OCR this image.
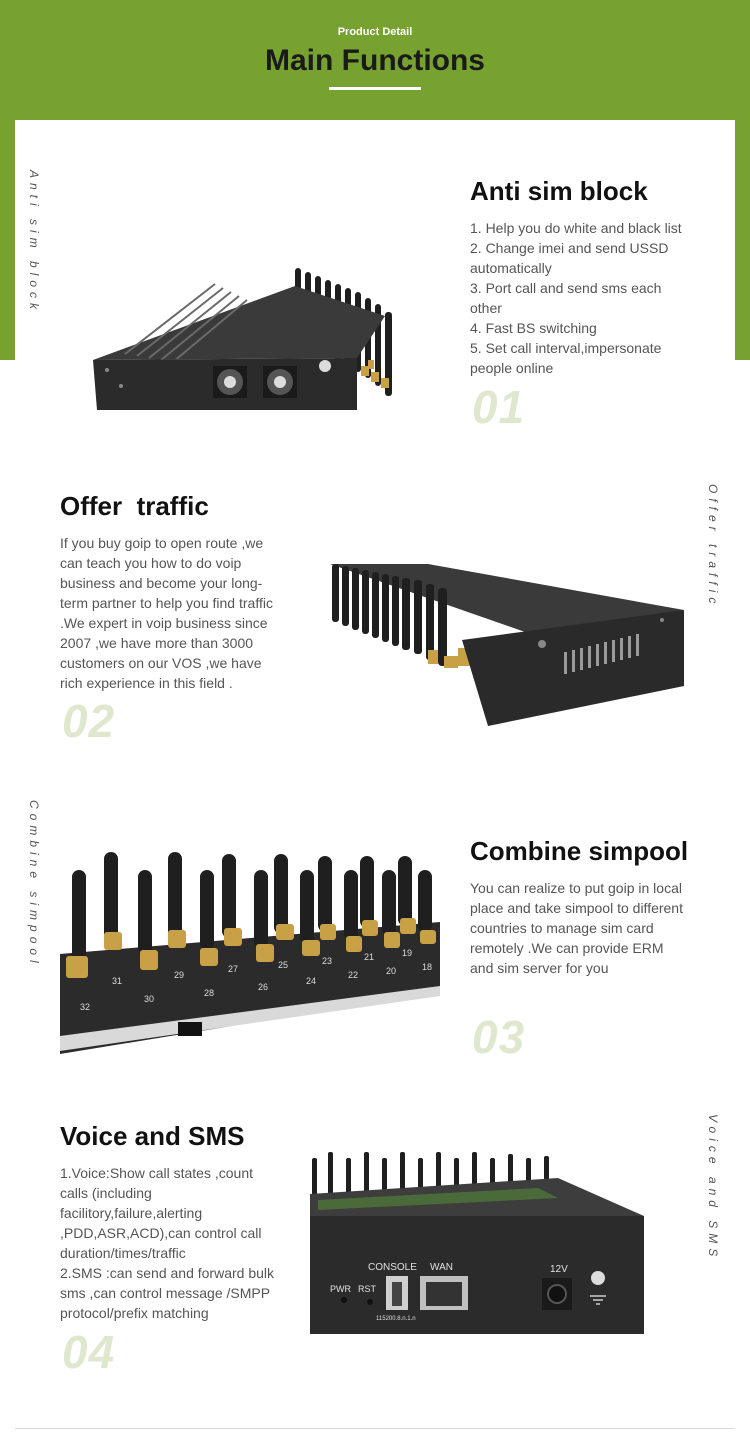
Product Detail
Main Functions
Anti sim block	Anti sim block
1. Help you do white and black list
2. Change imei and send USSD
automatically
3. Port call and send sms each
other
4. Fast BS switching
5. Set call interval,impersonate
people online
01
Offer  traffic
If you buy goip to open route ,we
can teach you how to do voip
business and become your long-
term partner to help you find traffic
.We expert in voip business since
2007 ,we have more than 3000
customers on our VOS ,we have
rich experience in this field .
02
Offer traffic
Combine simpool
32
31
30
29
28
27
26
25
24
23
22
21
20
19
18
Combine simpool
You can realize to put goip in local
place and take simpool to different
countries to manage sim card
remotely .We can provide ERM
and sim server for you
03
Voice and SMS
1.Voice:Show call states ,count
calls (including
facilitory,failure,alerting
,PDD,ASR,ACD),can control call
duration/times/traffic
2.SMS :can send and forward bulk
sms ,can control message /SMPP
protocol/prefix matching
04
Voice and SMS
CONSOLE WAN	12V
PWR RST
115200.8.n.1.n
